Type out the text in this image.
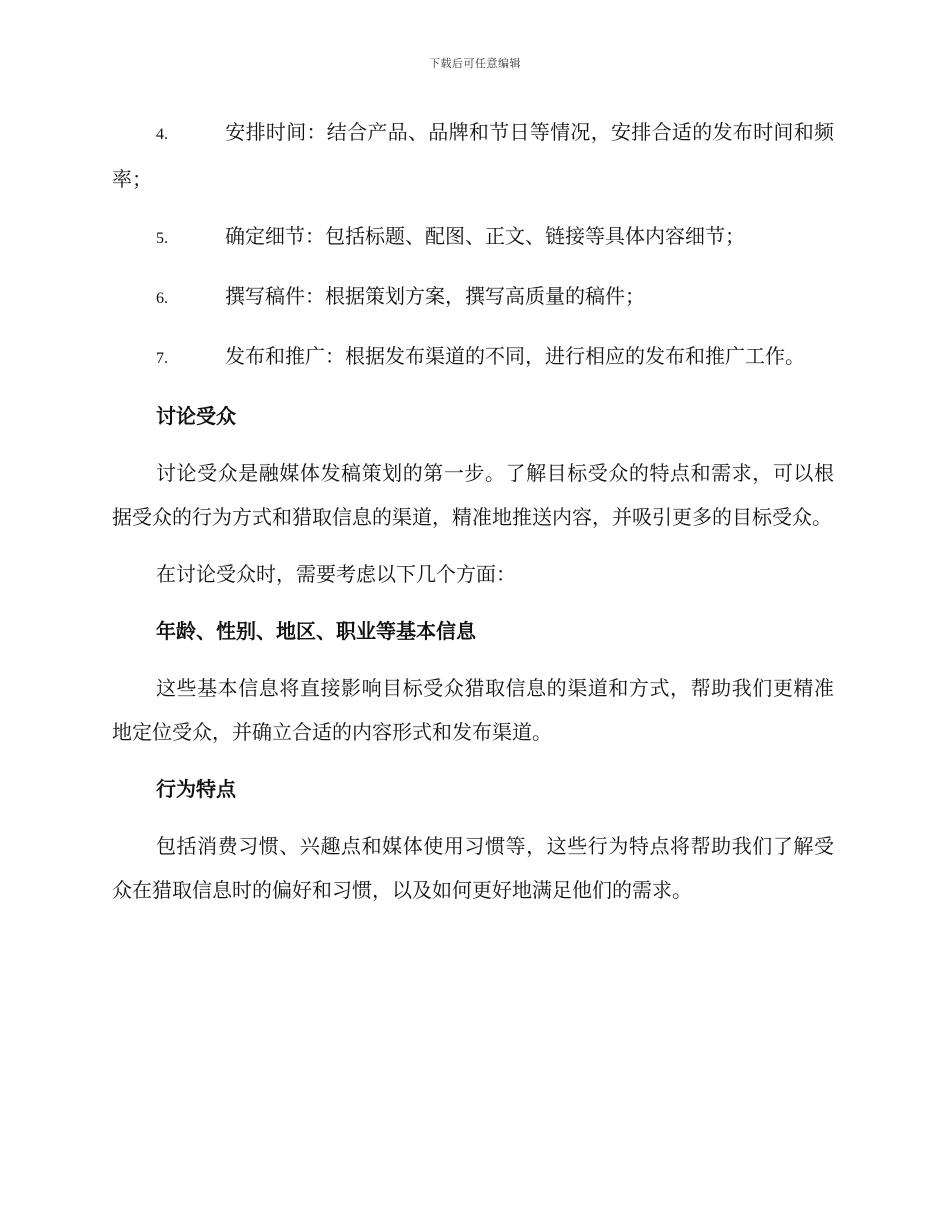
下载后可任意编辑
4.	安排时间：结合产品、品牌和节日等情况，安排合适的发布时间和频率；
5.	确定细节：包括标题、配图、正文、链接等具体内容细节；
6.	撰写稿件：根据策划方案，撰写高质量的稿件；
7.	发布和推广：根据发布渠道的不同，进行相应的发布和推广工作。
讨论受众
讨论受众是融媒体发稿策划的第一步。了解目标受众的特点和需求，可以根据受众的行为方式和猎取信息的渠道，精准地推送内容，并吸引更多的目标受众。
在讨论受众时，需要考虑以下几个方面：
年龄、性别、地区、职业等基本信息
这些基本信息将直接影响目标受众猎取信息的渠道和方式，帮助我们更精准地定位受众，并确立合适的内容形式和发布渠道。
行为特点
包括消费习惯、兴趣点和媒体使用习惯等，这些行为特点将帮助我们了解受众在猎取信息时的偏好和习惯，以及如何更好地满足他们的需求。
